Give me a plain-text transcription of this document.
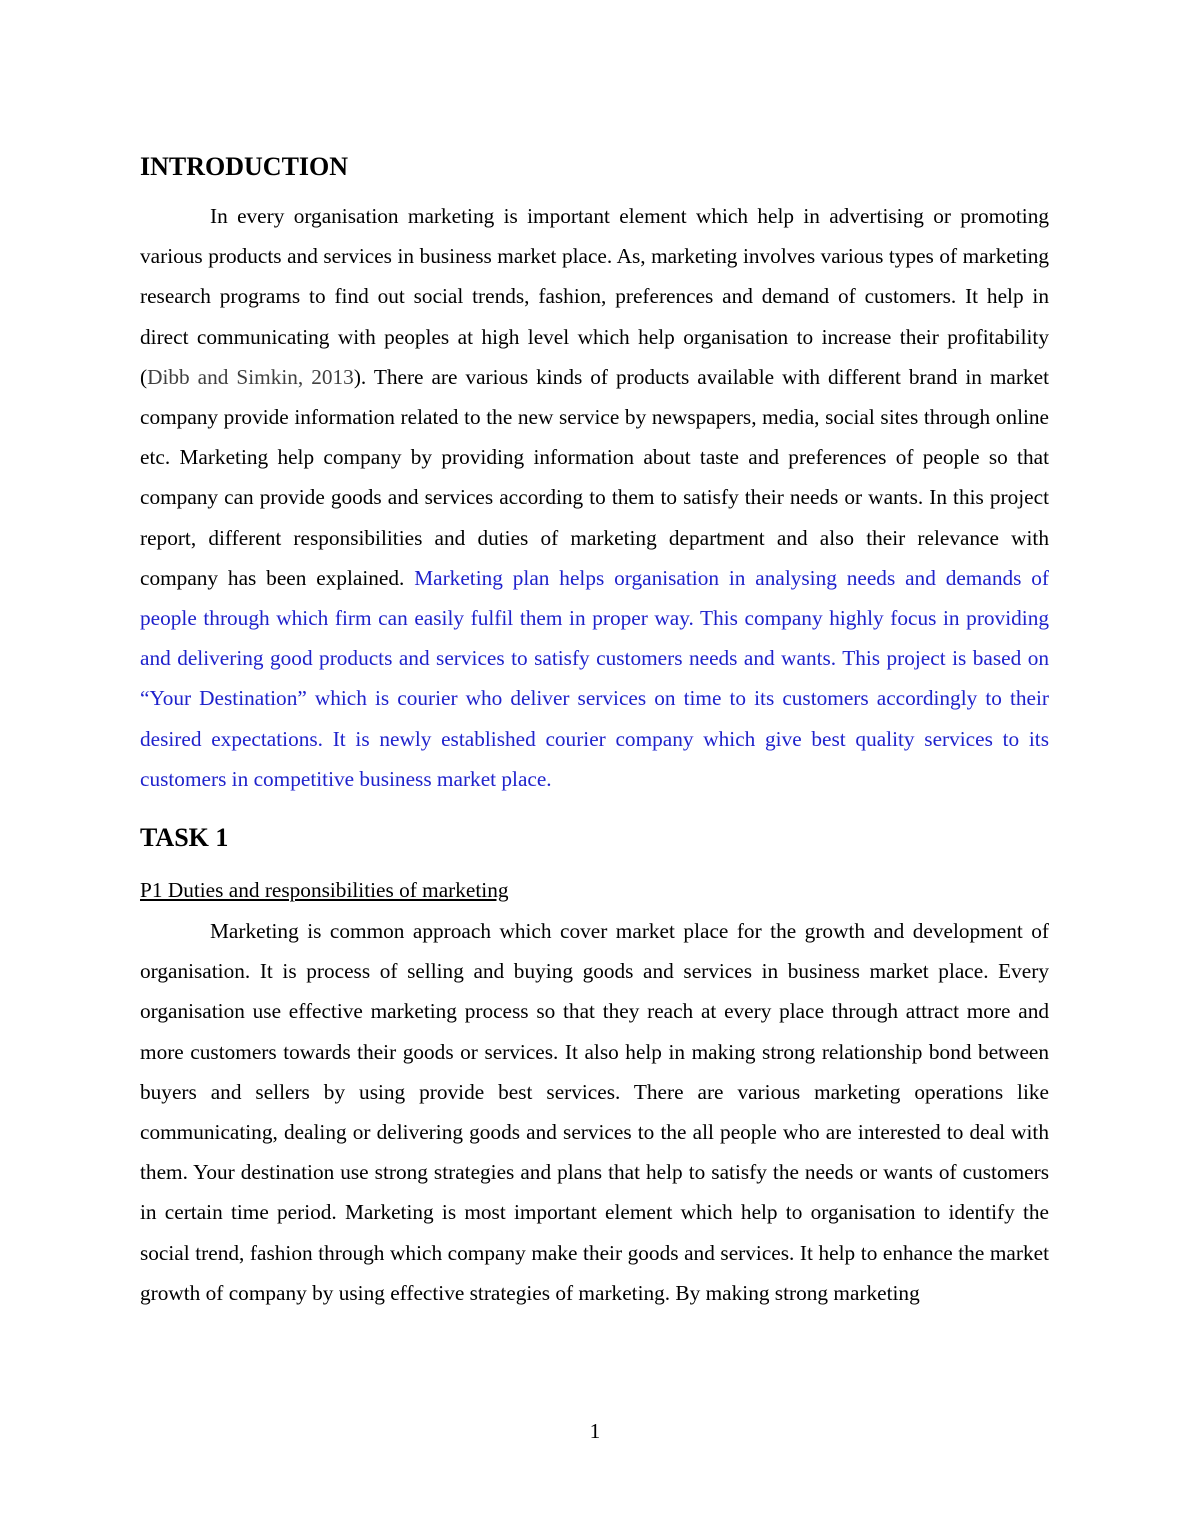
INTRODUCTION

In every organisation marketing is important element which help in advertising or promoting various products and services in business market place. As, marketing involves various types of marketing research programs to find out social trends, fashion, preferences and demand of customers. It help in direct communicating with peoples at high level which help organisation to increase their profitability (Dibb and Simkin, 2013). There are various kinds of products available with different brand in market company provide information related to the new service by newspapers, media, social sites through online etc. Marketing help company by providing information about taste and preferences of people so that company can provide goods and services according to them to satisfy their needs or wants. In this project report, different responsibilities and duties of marketing department and also their relevance with company has been explained. Marketing plan helps organisation in analysing needs and demands of people through which firm can easily fulfil them in proper way. This company highly focus in providing and delivering good products and services to satisfy customers needs and wants. This project is based on “Your Destination” which is courier who deliver services on time to its customers accordingly to their desired expectations. It is newly established courier company which give best quality services to its customers in competitive business market place.

TASK 1
P1 Duties and responsibilities of marketing

Marketing is common approach which cover market place for the growth and development of organisation. It is process of selling and buying goods and services in business market place. Every organisation use effective marketing process so that they reach at every place through attract more and more customers towards their goods or services. It also help in making strong relationship bond between buyers and sellers by using provide best services. There are various marketing operations like communicating, dealing or delivering goods and services to the all people who are interested to deal with them. Your destination use strong strategies and plans that help to satisfy the needs or wants of customers in certain time period. Marketing is most important element which help to organisation to identify the social trend, fashion through which company make their goods and services. It help to enhance the market growth of company by using effective strategies of marketing. By making strong marketing

1
